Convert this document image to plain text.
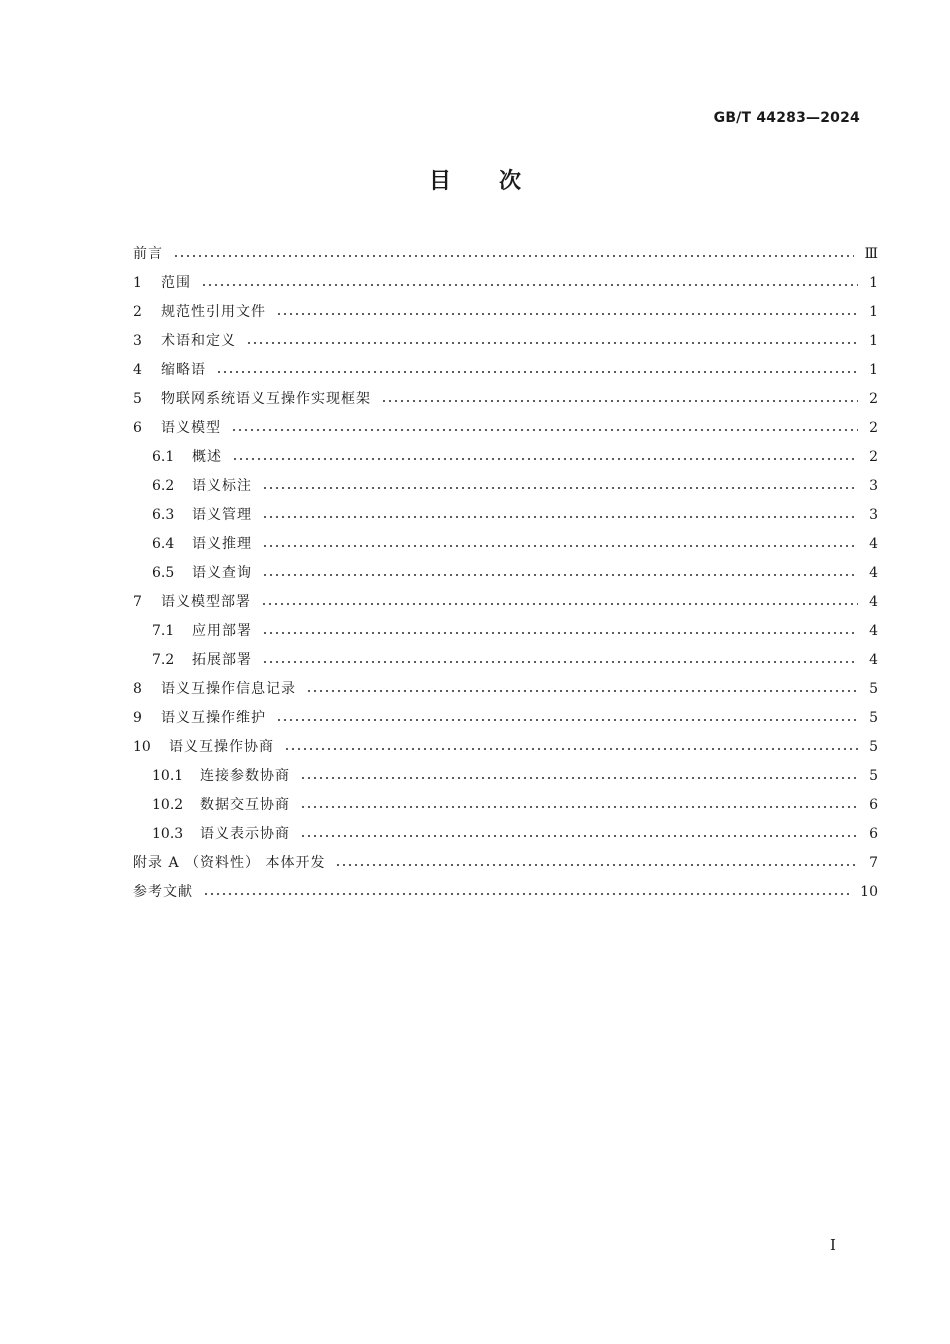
GB/T 44283—2024
目次
前言	Ⅲ
1	范围	1
2	规范性引用文件	1
3	术语和定义	1
4	缩略语	1
5	物联网系统语义互操作实现框架	2
6	语义模型	2
6.1	概述	2
6.2	语义标注	3
6.3	语义管理	3
6.4	语义推理	4
6.5	语义查询	4
7	语义模型部署	4
7.1	应用部署	4
7.2	拓展部署	4
8	语义互操作信息记录	5
9	语义互操作维护	5
10	语义互操作协商	5
10.1	连接参数协商	5
10.2	数据交互协商	6
10.3	语义表示协商	6
附录 A （资料性） 本体开发	7
参考文献	10
Ⅰ
